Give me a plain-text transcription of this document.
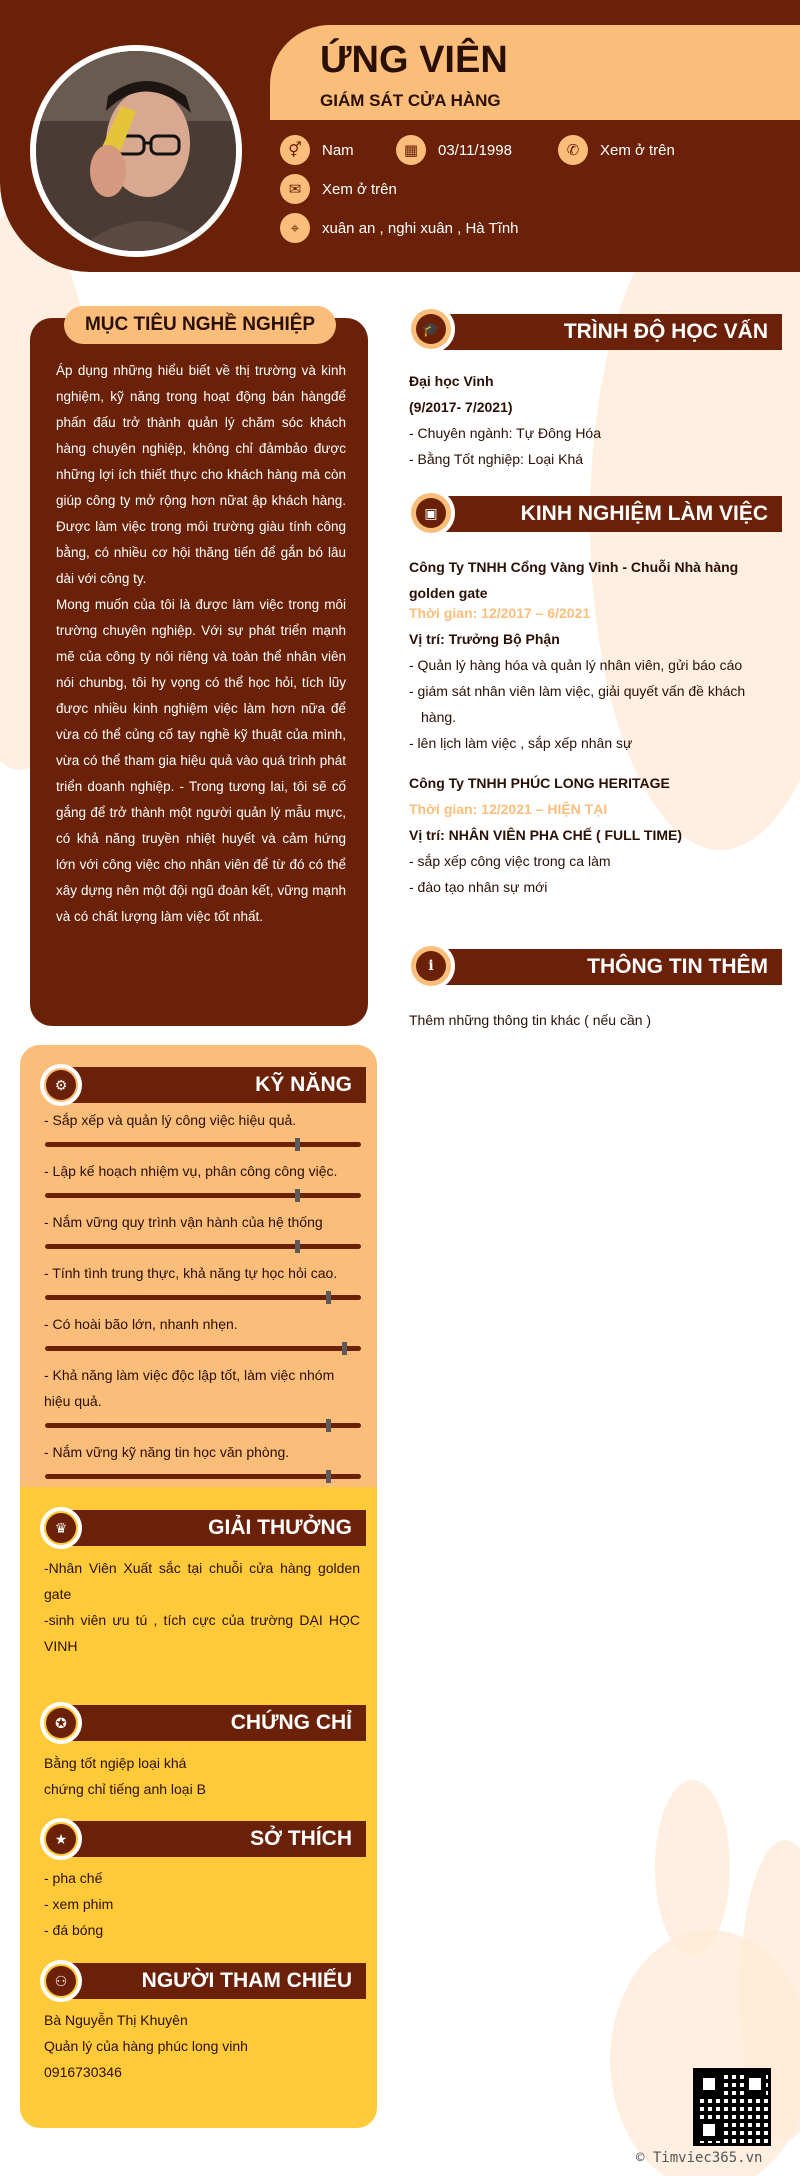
ỨNG VIÊN
GIÁM SÁT CỬA HÀNG
⚥	Nam	▦	03/11/1998	✆	Xem ở trên
✉	Xem ở trên
⌖	xuân an , nghi xuân , Hà Tĩnh
MỤC TIÊU NGHỀ NGHIỆP

Áp dụng những hiểu biết về thị trường và kinh nghiệm, kỹ năng trong hoạt động bán hàngđể phấn đấu trở thành quản lý chăm sóc khách hàng chuyên nghiệp, không chỉ đảmbảo được những lợi ích thiết thực cho khách hàng mà còn giúp công ty mở rộng hơn nữat ập khách hàng. Được làm việc trong môi trường giàu tính công bằng, có nhiều cơ hội thăng tiến để gắn bó lâu dài với công ty.

Mong muốn của tôi là được làm việc trong môi trường chuyên nghiệp. Với sự phát triển mạnh mẽ của công ty nói riêng và toàn thể nhân viên nói chunbg, tôi hy vọng có thể học hỏi, tích lũy được nhiều kinh nghiệm việc làm hơn nữa để vừa có thể củng cố tay nghề kỹ thuật của mình, vừa có thể tham gia hiệu quả vào quá trình phát triển doanh nghiệp. - Trong tương lai, tôi sẽ cố gắng để trở thành một người quản lý mẫu mực, có khả năng truyền nhiệt huyết và cảm hứng lớn với công việc cho nhân viên để từ đó có thể xây dựng nên một đội ngũ đoàn kết, vững mạnh và có chất lượng làm việc tốt nhất.

KỸ NĂNG
⚙
- Sắp xếp và quản lý công việc hiệu quả.
- Lập kế hoạch nhiệm vụ, phân công công việc.
- Nắm vững quy trình vận hành của hệ thống
- Tính tình trung thực, khả năng tự học hỏi cao.
- Có hoài bão lớn, nhanh nhẹn.
- Khả năng làm việc độc lập tốt, làm việc nhóm hiệu quả.
- Nắm vững kỹ năng tin học văn phòng.
GIẢI THƯỞNG
♛
-Nhân Viên Xuất sắc tại chuỗi cửa hàng golden gate
-sinh viên ưu tú , tích cực của trường DẠI HỌC VINH
CHỨNG CHỈ
✪
Bằng tốt ngiệp loại khá
chứng chỉ tiếng anh loại B
SỞ THÍCH
★
- pha chế
- xem phim
- đá bóng
NGƯỜI THAM CHIẾU
⚇
Bà Nguyễn Thị Khuyên
Quản lý của hàng phúc long vinh
0916730346
TRÌNH ĐỘ HỌC VẤN
🎓
Đại học Vinh
(9/2017- 7/2021)
- Chuyên ngành: Tự Đông Hóa
- Bằng Tốt nghiệp: Loại Khá
KINH NGHIỆM LÀM VIỆC
▣
Công Ty TNHH Cổng Vàng Vinh - Chuỗi Nhà hàng golden gate
Thời gian: 12/2017 – 6/2021
Vị trí: Trưởng Bộ Phận
- Quản lý hàng hóa và quản lý nhân viên, gửi báo cáo
- giám sát nhân viên làm việc, giải quyết vấn đề khách hàng.
- lên lịch làm việc , sắp xếp nhân sự
Công Ty TNHH PHÚC LONG HERITAGE
Thời gian: 12/2021 – HIỆN TẠI
Vị trí: NHÂN VIÊN PHA CHẾ ( FULL TIME)
- sắp xếp công việc trong ca làm
- đào tạo nhân sự mới
THÔNG TIN THÊM
i
Thêm những thông tin khác ( nếu cần )
© Timviec365.vn
